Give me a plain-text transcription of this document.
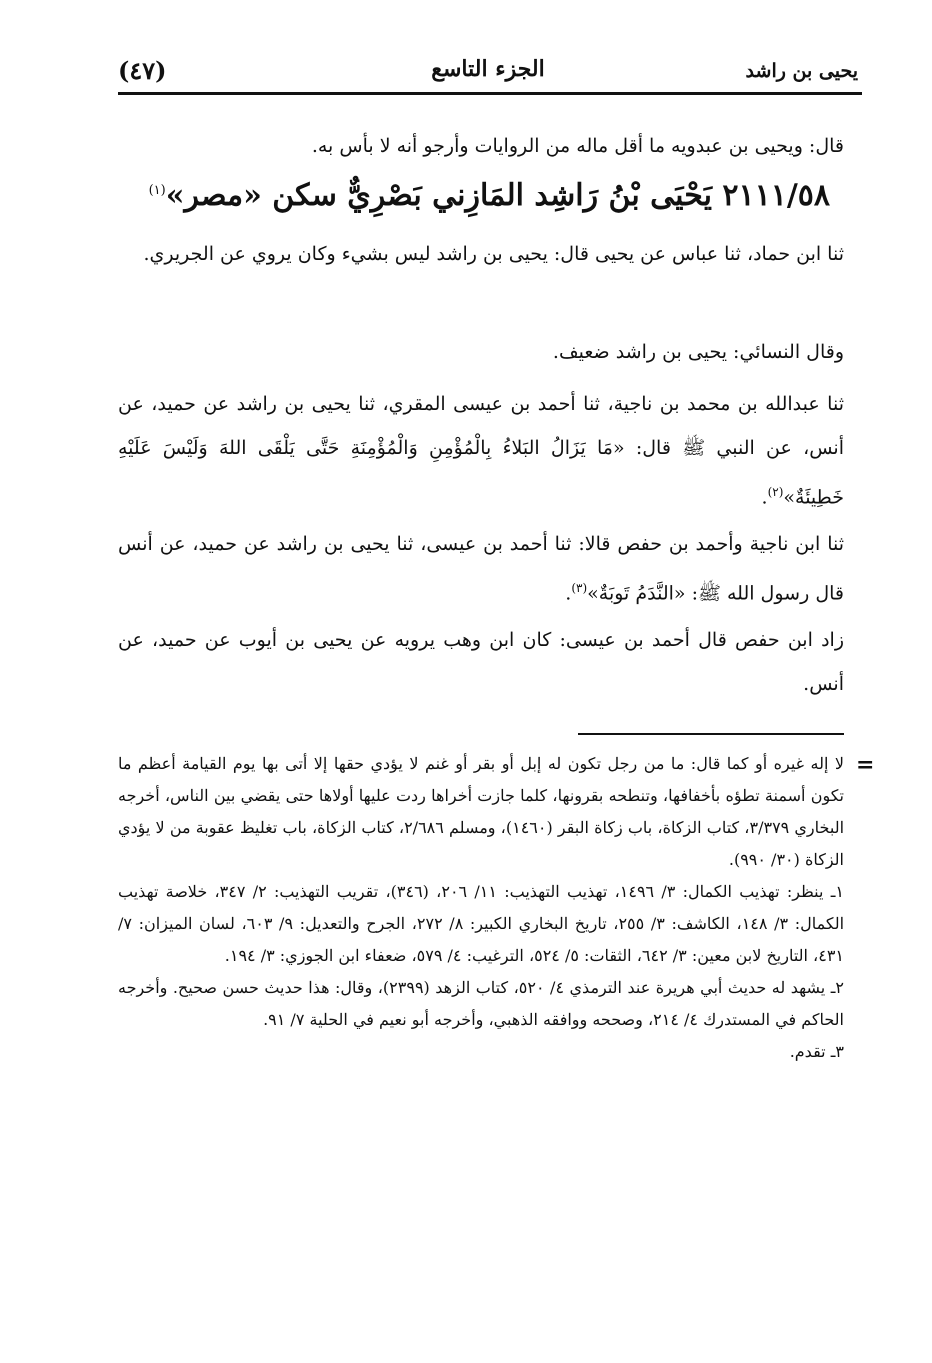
(٤٧)	الجزء التاسع	يحيى بن راشد

قال: ويحيى بن عبدويه ما أقل ماله من الروايات وأرجو أنه لا بأس به.

٢١١١/٥٨ يَحْيَى بْنُ رَاشِد المَازِني بَصْرِيٌّ سكن «مصر»$^{(١)}$

ثنا ابن حماد، ثنا عباس عن يحيى قال: يحيى بن راشد ليس بشيء وكان يروي عن الجريري.

وقال النسائي: يحيى بن راشد ضعيف.

ثنا عبدالله بن محمد بن ناجية، ثنا أحمد بن عيسى المقري، ثنا يحيى بن راشد عن حميد، عن أنس، عن النبي ﷺ قال: «مَا يَزَالُ البَلاءُ بِالْمُؤْمِنِ وَالْمُؤْمِنَةِ حَتَّى يَلْقَى اللهَ وَلَيْسَ عَلَيْهِ خَطِيئَةٌ»$^{(٢)}$.

ثنا ابن ناجية وأحمد بن حفص قالا: ثنا أحمد بن عيسى، ثنا يحيى بن راشد عن حميد، عن أنس قال رسول الله ﷺ: «النَّدَمُ تَوبَةٌ»$^{(٣)}$.

زاد ابن حفص قال أحمد بن عيسى: كان ابن وهب يرويه عن يحيى بن أيوب عن حميد، عن أنس.

=

لا إله غيره أو كما قال: ما من رجل تكون له إبل أو بقر أو غنم لا يؤدي حقها إلا أتى بها يوم القيامة أعظم ما تكون أسمنة تطؤه بأخفافها، وتنطحه بقرونها، كلما جازت أخراها ردت عليها أولاها حتى يقضي بين الناس، أخرجه البخاري ٣/٣٧٩، كتاب الزكاة، باب زكاة البقر (١٤٦٠)، ومسلم ٢/٦٨٦، كتاب الزكاة، باب تغليظ عقوبة من لا يؤدي الزكاة (٣٠/ ٩٩٠).

١ـ ينظر: تهذيب الكمال: ٣/ ١٤٩٦، تهذيب التهذيب: ١١/ ٢٠٦، (٣٤٦)، تقريب التهذيب: ٢/ ٣٤٧، خلاصة تهذيب الكمال: ٣/ ١٤٨، الكاشف: ٣/ ٢٥٥، تاريخ البخاري الكبير: ٨/ ٢٧٢، الجرح والتعديل: ٩/ ٦٠٣، لسان الميزان: ٧/ ٤٣١، التاريخ لابن معين: ٣/ ٦٤٢، الثقات: ٥/ ٥٢٤، الترغيب: ٤/ ٥٧٩، ضعفاء ابن الجوزي: ٣/ ١٩٤.

٢ـ يشهد له حديث أبي هريرة عند الترمذي ٤/ ٥٢٠، كتاب الزهد (٢٣٩٩)، وقال: هذا حديث حسن صحيح. وأخرجه الحاكم في المستدرك ٤/ ٢١٤، وصححه ووافقه الذهبي، وأخرجه أبو نعيم في الحلية ٧/ ٩١.

٣ـ تقدم.
